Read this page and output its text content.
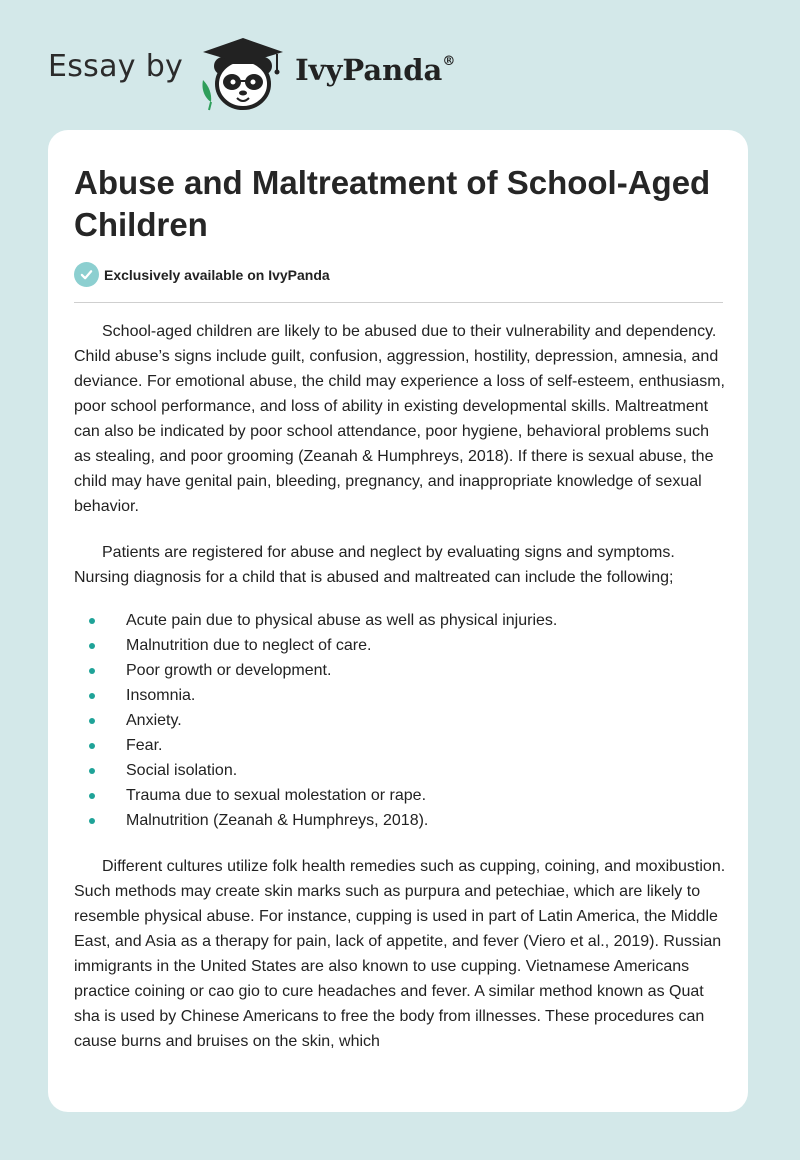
Essay by	IvyPanda®
Abuse and Maltreatment of School-Aged Children
Exclusively available on IvyPanda

School-aged children are likely to be abused due to their vulnerability and dependency. Child abuse’s signs include guilt, confusion, aggression, hostility, depression, amnesia, and deviance. For emotional abuse, the child may experience a loss of self-esteem, enthusiasm, poor school performance, and loss of ability in existing developmental skills. Maltreatment can also be indicated by poor school attendance, poor hygiene, behavioral problems such as stealing, and poor grooming (Zeanah & Humphreys, 2018). If there is sexual abuse, the child may have genital pain, bleeding, pregnancy, and inappropriate knowledge of sexual behavior.

Patients are registered for abuse and neglect by evaluating signs and symptoms. Nursing diagnosis for a child that is abused and maltreated can include the following;

Acute pain due to physical abuse as well as physical injuries.
Malnutrition due to neglect of care.
Poor growth or development.
Insomnia.
Anxiety.
Fear.
Social isolation.
Trauma due to sexual molestation or rape.
Malnutrition (Zeanah & Humphreys, 2018).

Different cultures utilize folk health remedies such as cupping, coining, and moxibustion. Such methods may create skin marks such as purpura and petechiae, which are likely to resemble physical abuse. For instance, cupping is used in part of Latin America, the Middle East, and Asia as a therapy for pain, lack of appetite, and fever (Viero et al., 2019). Russian immigrants in the United States are also known to use cupping. Vietnamese Americans practice coining or cao gio to cure headaches and fever. A similar method known as Quat sha is used by Chinese Americans to free the body from illnesses. These procedures can cause burns and bruises on the skin, which
